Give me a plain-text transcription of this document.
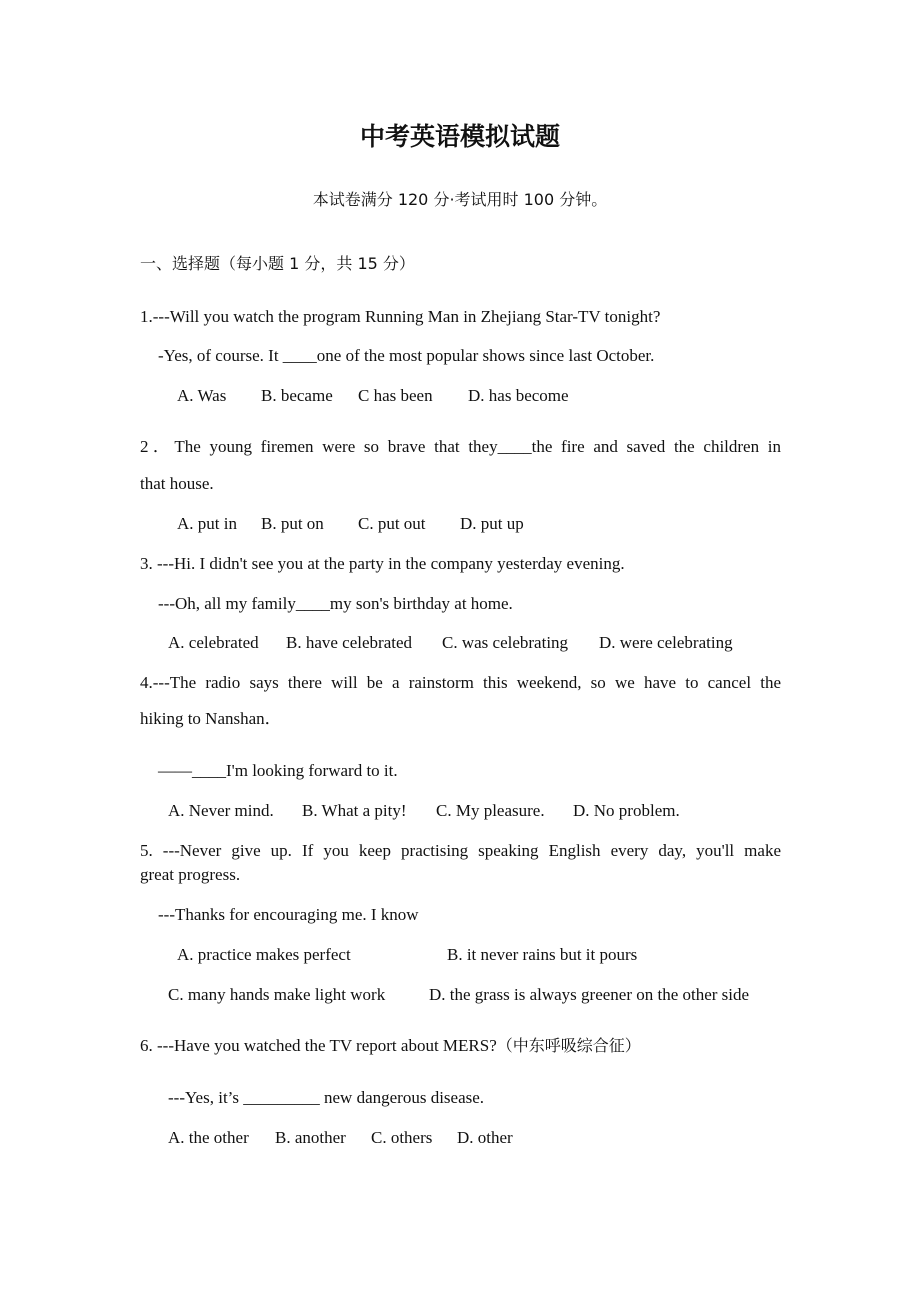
中考英语模拟试题
本试卷满分 120 分·考试用时 100 分钟。
一、选择题（每小题 1 分，共 15 分）
1.---Will you watch the program Running Man in Zhejiang Star-TV tonight?
-Yes, of course. It ____one of the most popular shows since last October.
A. Was B. became C has been D. has become
2．The young firemen were so brave that they____the fire and saved the children in
that house.
A. put in B. put on C. put out D. put up
3. ---Hi. I didn't see you at the party in the company yesterday evening.
---Oh, all my family____my son's birthday at home.
A. celebrated B. have celebrated C. was celebrating D. were celebrating
4.---The radio says there will be a rainstorm this weekend, so we have to cancel the
hiking to Nanshan．
——____I'm looking forward to it.
A. Never mind. B. What a pity! C. My pleasure. D. No problem.
5. ---Never give up. If you keep practising speaking English every day, you'll make
great progress.
---Thanks for encouraging me. I know
A. practice makes perfect	B. it never rains but it pours
C. many hands make light work	D. the grass is always greener on the other side
6. ---Have you watched the TV report about MERS?（中东呼吸综合征）
---Yes, it’s _________ new dangerous disease.
A. the other B. another C. others D. other
